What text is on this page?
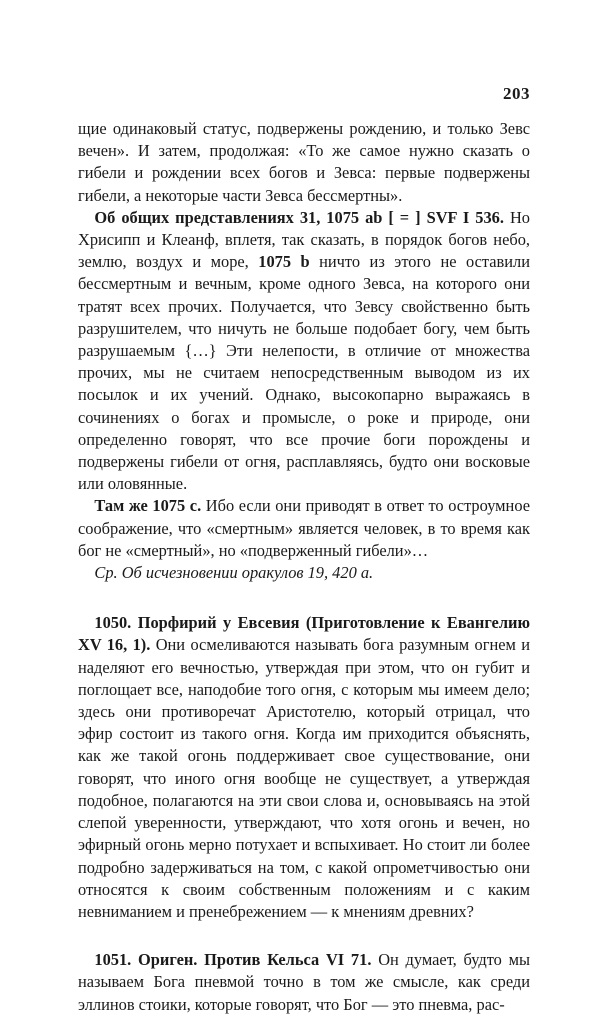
203

щие одинаковый статус, подвержены рождению, и только Зевс вечен». И затем, продолжая: «То же самое нужно сказать о гибели и рождении всех богов и Зевса: первые подвержены гибели, а некоторые части Зевса бессмертны».

 Об общих представлениях 31, 1075 ab [ = ] SVF I 536. Но Хрисипп и Клеанф, вплетя, так сказать, в порядок богов небо, землю, воздух и море, 1075 b ничто из этого не оставили бессмертным и вечным, кроме одного Зевса, на которого они тратят всех прочих. Получается, что Зевсу свойственно быть разрушителем, что ничуть не больше подобает богу, чем быть разрушаемым {…} Эти нелепости, в отличие от множества прочих, мы не считаем непосредственным выводом из их посылок и их учений. Однако, высокопарно выражаясь в сочинениях о богах и промысле, о роке и природе, они определенно говорят, что все прочие боги порождены и подвержены гибели от огня, расплавляясь, будто они восковые или оловянные.

 Там же 1075 c. Ибо если они приводят в ответ то остроумное соображение, что «смертным» является человек, в то время как бог не «смертный», но «подверженный гибели»…

 Ср. Об исчезновении оракулов 19, 420 a.

 1050. Порфирий у Евсевия (Приготовление к Евангелию XV 16, 1). Они осмеливаются называть бога разумным огнем и наделяют его вечностью, утверждая при этом, что он губит и поглощает все, наподобие того огня, с которым мы имеем дело; здесь они противоречат Аристотелю, который отрицал, что эфир состоит из такого огня. Когда им приходится объяснять, как же такой огонь поддерживает свое существование, они говорят, что иного огня вообще не существует, а утверждая подобное, полагаются на эти свои слова и, основываясь на этой слепой уверенности, утверждают, что хотя огонь и вечен, но эфирный огонь мерно потухает и вспыхивает. Но стоит ли более подробно задерживаться на том, с какой опрометчивостью они относятся к своим собственным положениям и с каким невниманием и пренебрежением — к мнениям древних?

 1051. Ориген. Против Кельса VI 71. Он думает, будто мы называем Бога пневмой точно в том же смысле, как среди эллинов стоики, которые говорят, что Бог — это пневма, рас-
